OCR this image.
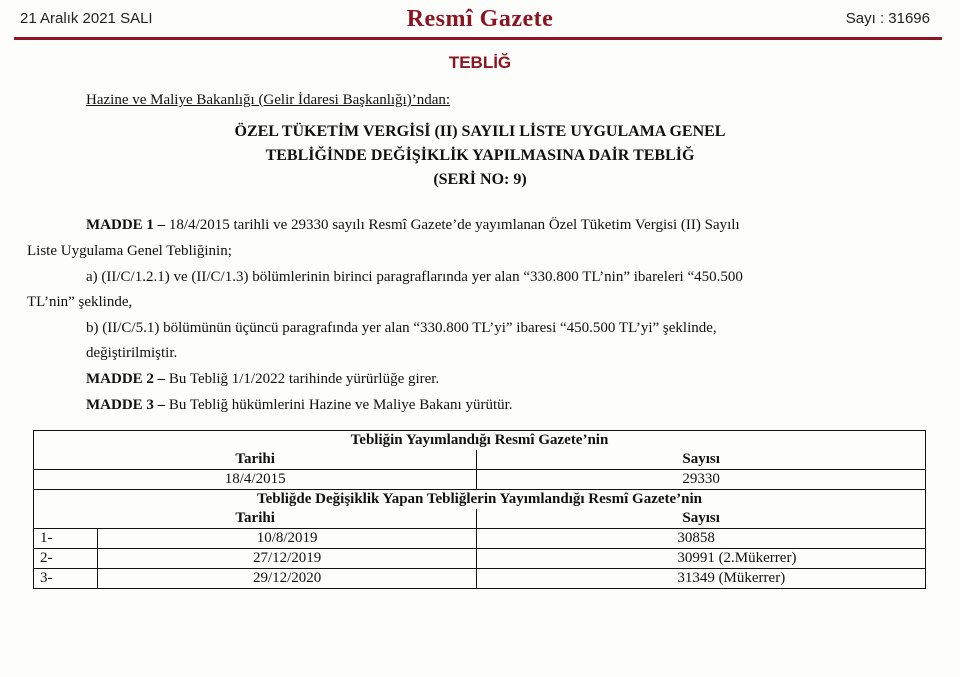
21 Aralık 2021 SALI	Resmî Gazete	Sayı : 31696
TEBLİĞ
Hazine ve Maliye Bakanlığı (Gelir İdaresi Başkanlığı)’ndan:
ÖZEL TÜKETİM VERGİSİ (II) SAYILI LİSTE UYGULAMA GENEL
TEBLİĞİNDE DEĞİŞİKLİK YAPILMASINA DAİR TEBLİĞ
(SERİ NO: 9)
MADDE 1 – 18/4/2015 tarihli ve 29330 sayılı Resmî Gazete’de yayımlanan Özel Tüketim Vergisi (II) Sayılı
Liste Uygulama Genel Tebliğinin;
a) (II/C/1.2.1) ve (II/C/1.3) bölümlerinin birinci paragraflarında yer alan “330.800 TL’nin” ibareleri “450.500
TL’nin” şeklinde,
b) (II/C/5.1) bölümünün üçüncü paragrafında yer alan “330.800 TL’yi” ibaresi “450.500 TL’yi” şeklinde,
değiştirilmiştir.
MADDE 2 – Bu Tebliğ 1/1/2022 tarihinde yürürlüğe girer.
MADDE 3 – Bu Tebliğ hükümlerini Hazine ve Maliye Bakanı yürütür.
Tebliğin Yayımlandığı Resmî Gazete’nin		
Tarihi		Sayısı
18/4/2015		29330
Tebliğde Değişiklik Yapan Tebliğlerin Yayımlandığı Resmî Gazete’nin		
Tarihi		Sayısı
1-	10/8/2019	30858
2-	27/12/2019	30991 (2.Mükerrer)
3-	29/12/2020	31349 (Mükerrer)
